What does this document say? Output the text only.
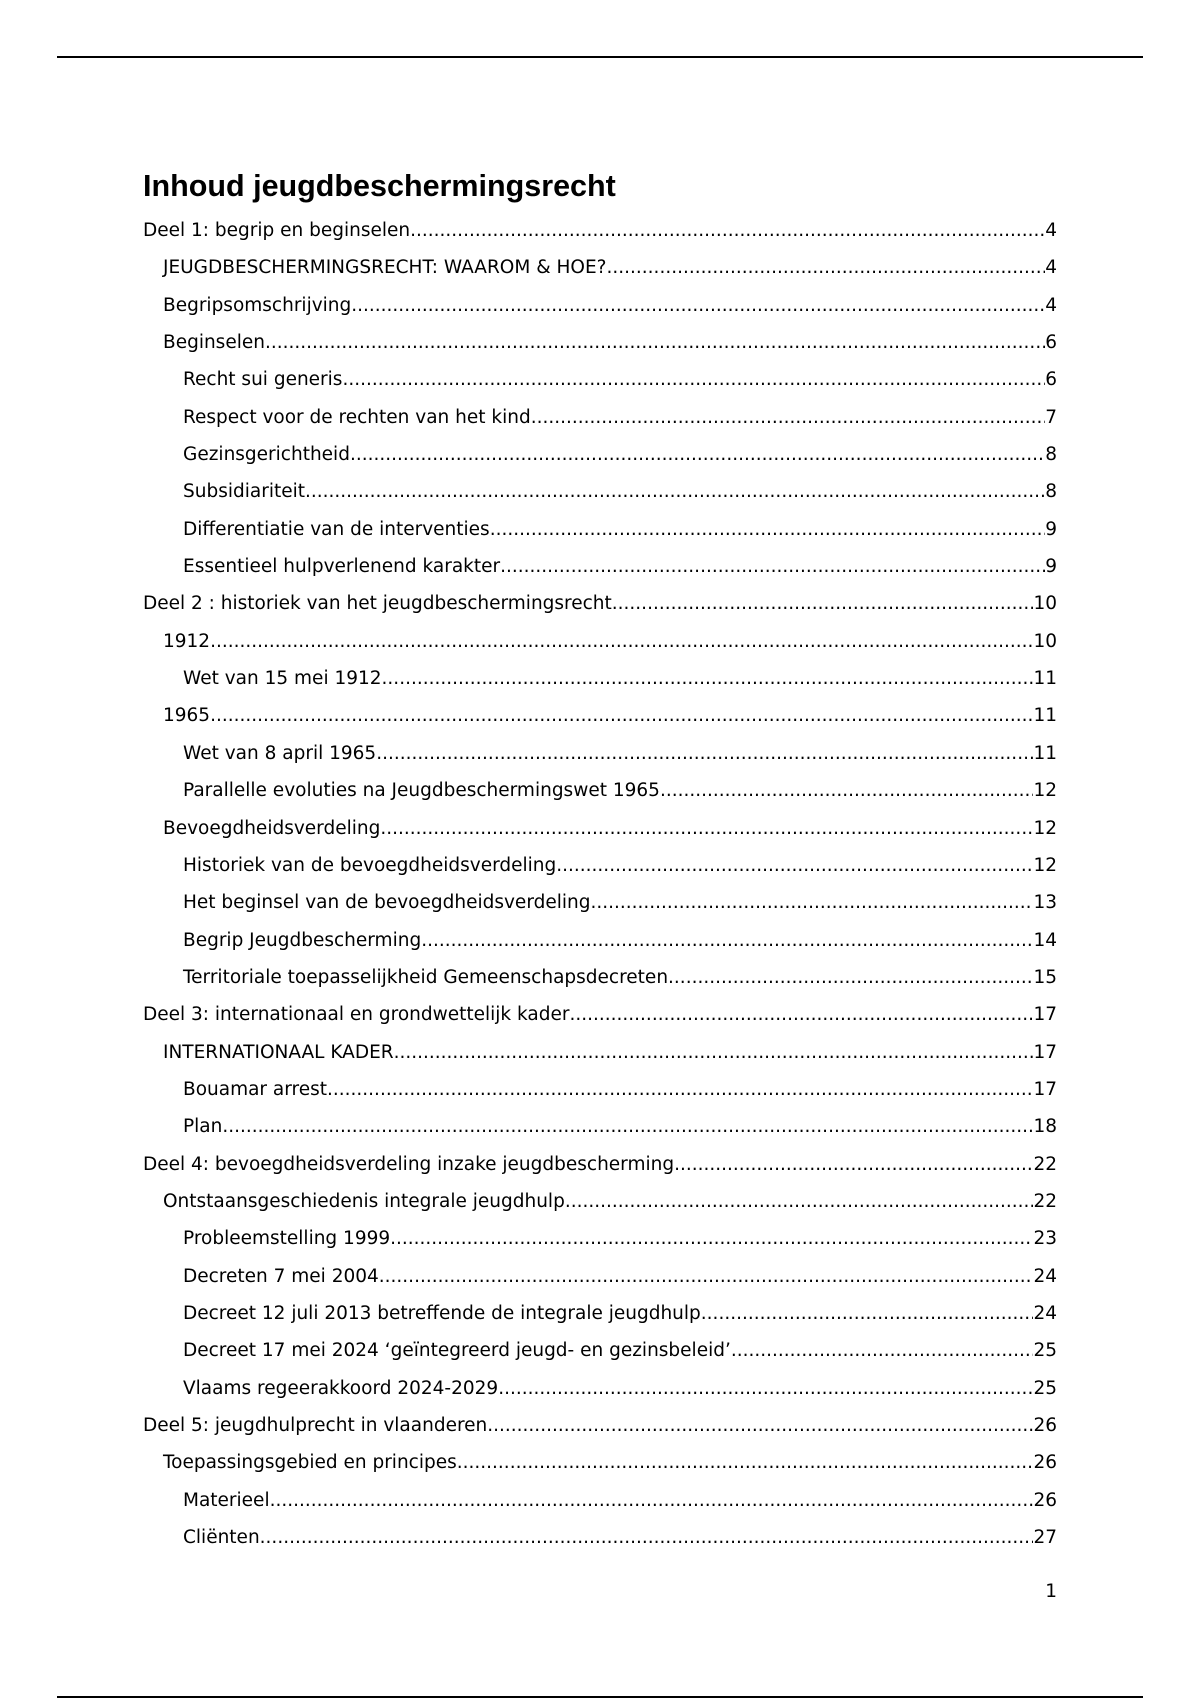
Inhoud jeugdbeschermingsrecht
Deel 1: begrip en beginselen .....	4
JEUGDBESCHERMINGSRECHT: WAAROM & HOE? .....	4
Begripsomschrijving .....	4
Beginselen .....	6
Recht sui generis .....	6
Respect voor de rechten van het kind .....	7
Gezinsgerichtheid .....	8
Subsidiariteit .....	8
Differentiatie van de interventies .....	9
Essentieel hulpverlenend karakter .....	9
Deel 2 : historiek van het jeugdbeschermingsrecht .....	10
1912 .....	10
Wet van 15 mei 1912 .....	11
1965 .....	11
Wet van 8 april 1965 .....	11
Parallelle evoluties na Jeugdbeschermingswet 1965 .....	12
Bevoegdheidsverdeling .....	12
Historiek van de bevoegdheidsverdeling .....	12
Het beginsel van de bevoegdheidsverdeling .....	13
Begrip Jeugdbescherming .....	14
Territoriale toepasselijkheid Gemeenschapsdecreten .....	15
Deel 3: internationaal en grondwettelijk kader .....	17
INTERNATIONAAL KADER .....	17
Bouamar arrest .....	17
Plan .....	18
Deel 4: bevoegdheidsverdeling inzake jeugdbescherming .....	22
Ontstaansgeschiedenis integrale jeugdhulp .....	22
Probleemstelling 1999 .....	23
Decreten 7 mei 2004 .....	24
Decreet 12 juli 2013 betreffende de integrale jeugdhulp .....	24
Decreet 17 mei 2024 ‘geïntegreerd jeugd- en gezinsbeleid’ .....	25
Vlaams regeerakkoord 2024-2029 .....	25
Deel 5: jeugdhulprecht in vlaanderen .....	26
Toepassingsgebied en principes .....	26
Materieel .....	26
Cliënten .....	27
1
